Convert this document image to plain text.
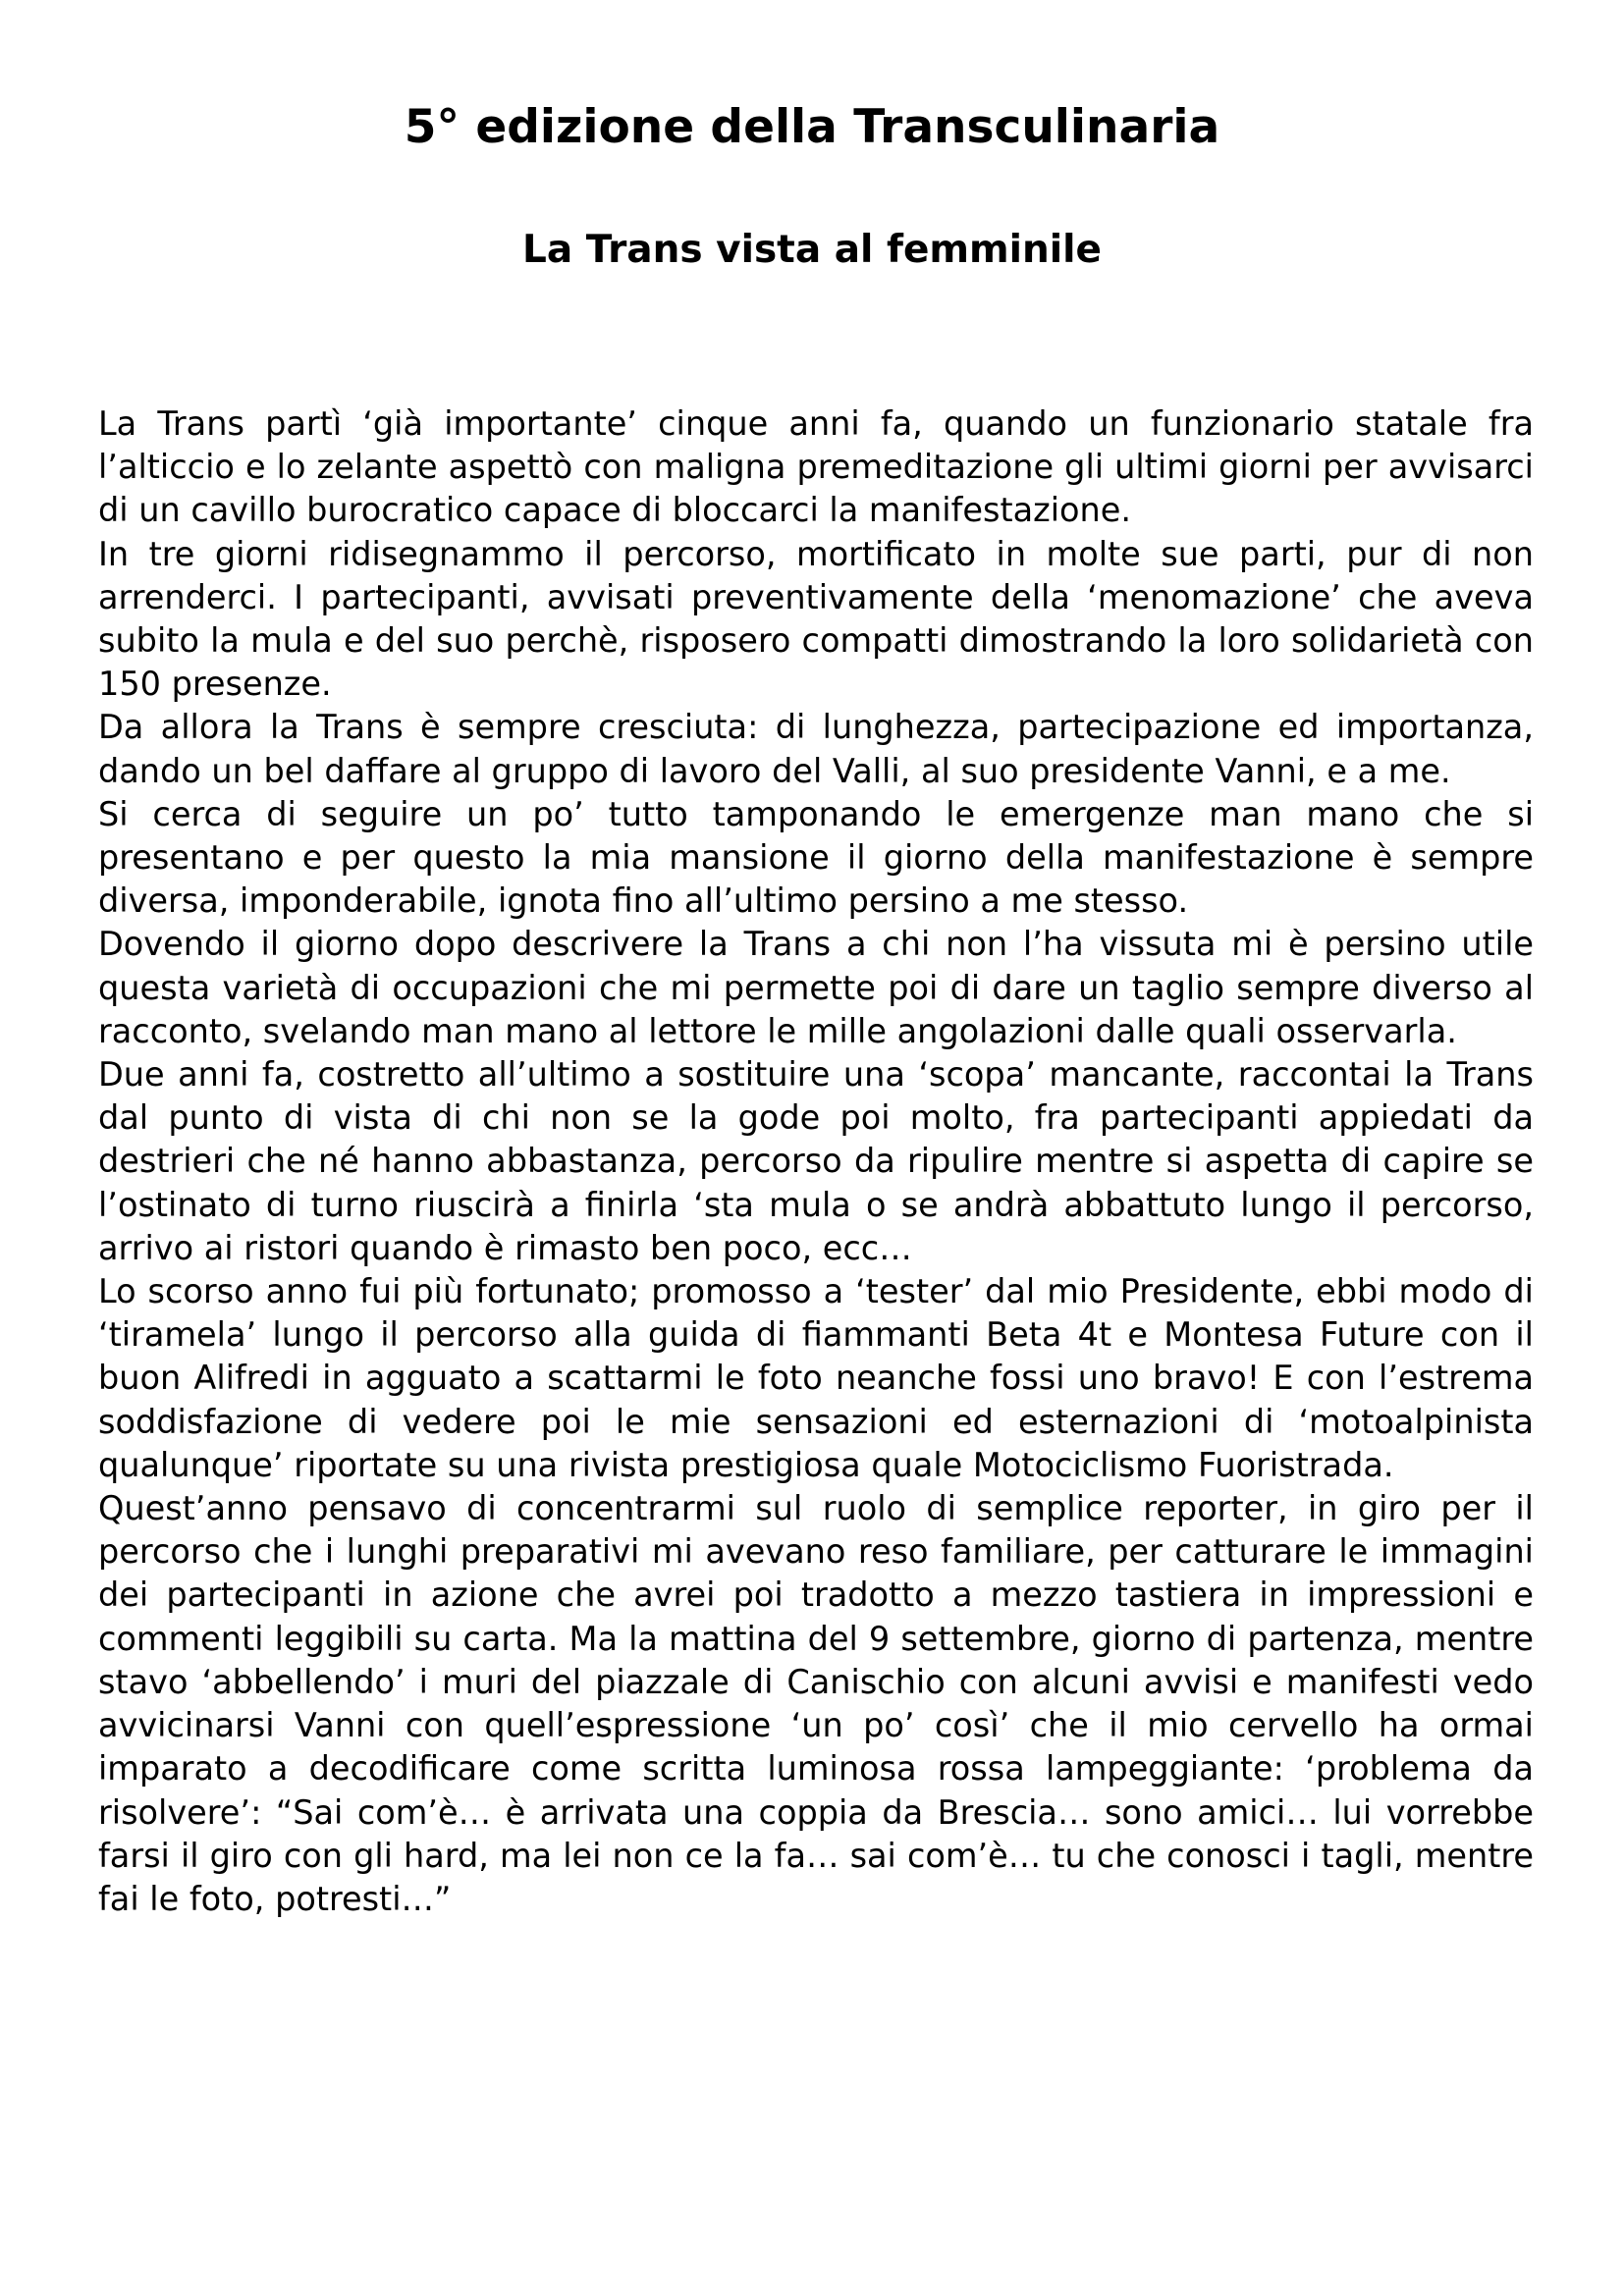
5° edizione della Transculinaria
La Trans vista al femminile

La Trans partì ‘già importante’ cinque anni fa, quando un funzionario statale fra l’alticcio e lo zelante aspettò con maligna premeditazione gli ultimi giorni per avvisarci di un cavillo burocratico capace di bloccarci la manifestazione.

In tre giorni ridisegnammo il percorso, mortificato in molte sue parti, pur di non arrenderci. I partecipanti, avvisati preventivamente della ‘menomazione’ che aveva subito la mula e del suo perchè, risposero compatti dimostrando la loro solidarietà con 150 presenze.

Da allora la Trans è sempre cresciuta: di lunghezza, partecipazione ed importanza, dando un bel daffare al gruppo di lavoro del Valli, al suo presidente Vanni, e a me.

Si cerca di seguire un po’ tutto tamponando le emergenze man mano che si presentano e per questo la mia mansione il giorno della manifestazione è sempre diversa, imponderabile, ignota fino all’ultimo persino a me stesso.

Dovendo il giorno dopo descrivere la Trans a chi non l’ha vissuta mi è persino utile questa varietà di occupazioni che mi permette poi di dare un taglio sempre diverso al racconto, svelando man mano al lettore le mille angolazioni dalle quali osservarla.

Due anni fa, costretto all’ultimo a sostituire una ‘scopa’ mancante, raccontai la Trans dal punto di vista di chi non se la gode poi molto, fra partecipanti appiedati da destrieri che né hanno abbastanza, percorso da ripulire mentre si aspetta di capire se l’ostinato di turno riuscirà a finirla ‘sta mula o se andrà abbattuto lungo il percorso, arrivo ai ristori quando è rimasto ben poco, ecc…

Lo scorso anno fui più fortunato; promosso a ‘tester’ dal mio Presidente, ebbi modo di ‘tiramela’ lungo il percorso alla guida di fiammanti Beta 4t e Montesa Future con il buon Alifredi in agguato a scattarmi le foto neanche fossi uno bravo! E con l’estrema soddisfazione di vedere poi le mie sensazioni ed esternazioni di ‘motoalpinista qualunque’ riportate su una rivista prestigiosa quale Motociclismo Fuoristrada.

Quest’anno pensavo di concentrarmi sul ruolo di semplice reporter, in giro per il percorso che i lunghi preparativi mi avevano reso familiare, per catturare le immagini dei partecipanti in azione che avrei poi tradotto a mezzo tastiera in impressioni e commenti leggibili su carta. Ma la mattina del 9 settembre, giorno di partenza, mentre stavo ‘abbellendo’ i muri del piazzale di Canischio con alcuni avvisi e manifesti vedo avvicinarsi Vanni con quell’espressione ‘un po’ così’ che il mio cervello ha ormai imparato a decodificare come scritta luminosa rossa lampeggiante: ‘problema da risolvere’: “Sai com’è… è arrivata una coppia da Brescia… sono amici… lui vorrebbe farsi il giro con gli hard, ma lei non ce la fa… sai com’è… tu che conosci i tagli, mentre fai le foto, potresti…”
